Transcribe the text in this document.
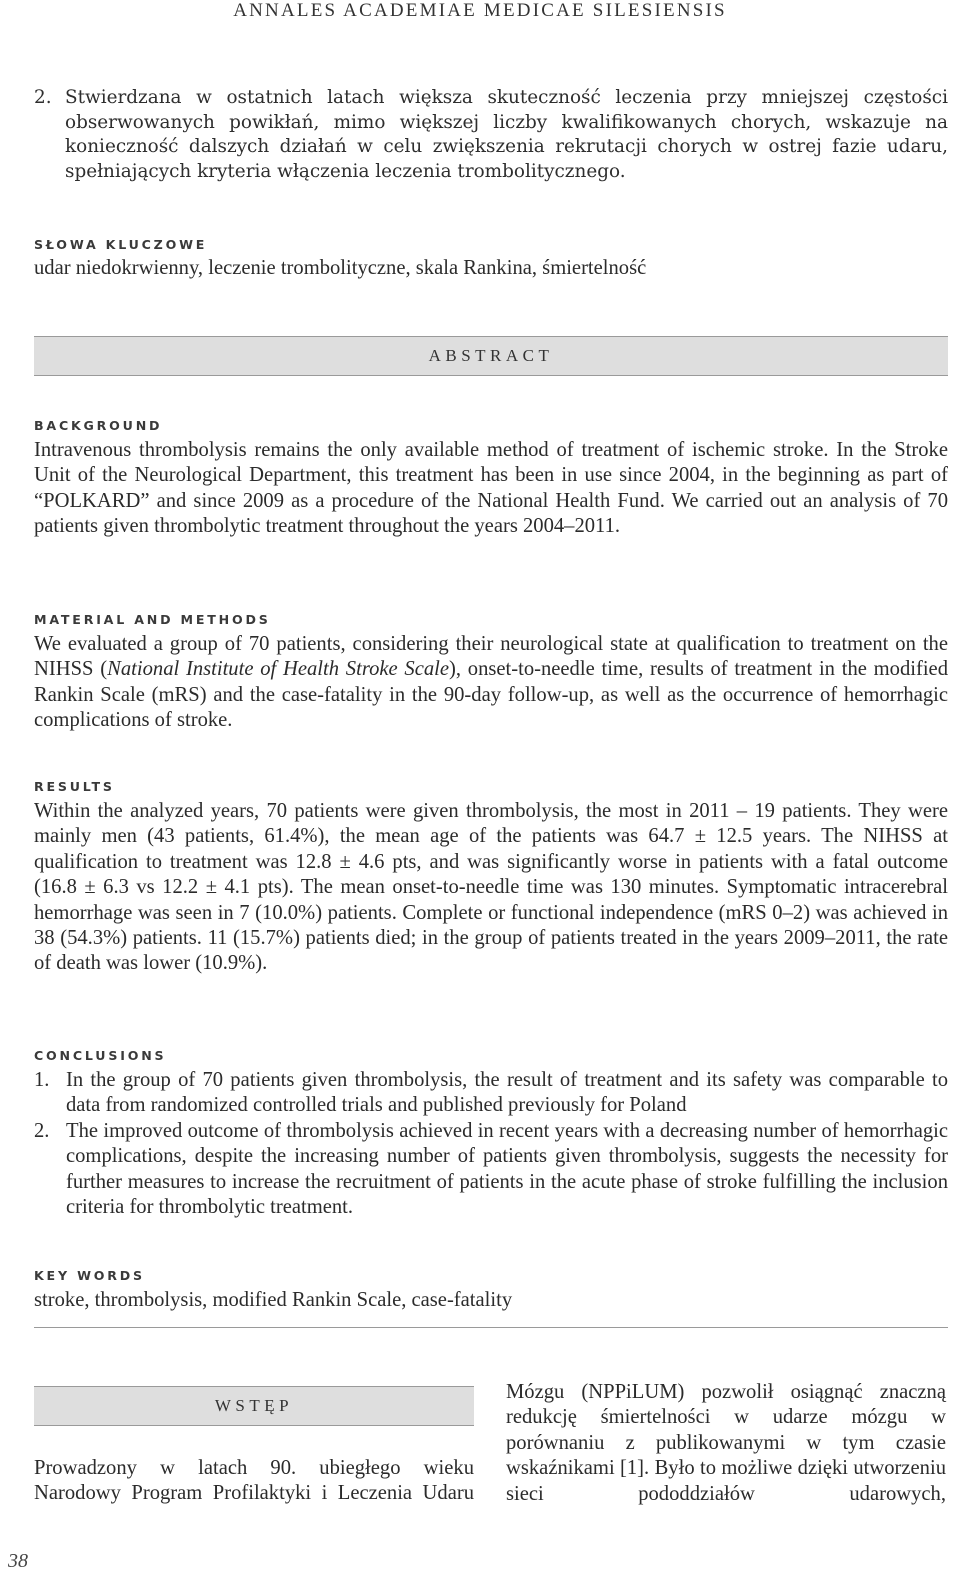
ANNALES ACADEMIAE MEDICAE SILESIENSIS
2. Stwierdzana w ostatnich latach większa skuteczność leczenia przy mniejszej częstości obserwowanych powikłań, mimo większej liczby kwalifikowanych chorych, wskazuje na konieczność dalszych działań w celu zwiększenia rekrutacji chorych w ostrej fazie udaru, spełniających kryteria włączenia leczenia trombolitycznego.
SŁOWA KLUCZOWE
udar niedokrwienny, leczenie trombolityczne, skala Rankina, śmiertelność
ABSTRACT
BACKGROUND
Intravenous thrombolysis remains the only available method of treatment of ischemic stroke. In the Stroke Unit of the Neurological Department, this treatment has been in use since 2004, in the beginning as part of “POLKARD” and since 2009 as a procedure of the National Health Fund. We carried out an analysis of 70 patients given thrombolytic treatment throughout the years 2004–2011.
MATERIAL AND METHODS
We evaluated a group of 70 patients, considering their neurological state at qualification to treatment on the NIHSS (National Institute of Health Stroke Scale), onset-to-needle time, results of treatment in the modified Rankin Scale (mRS) and the case-fatality in the 90-day follow-up, as well as the occurrence of hemorrhagic complications of stroke.
RESULTS
Within the analyzed years, 70 patients were given thrombolysis, the most in 2011 – 19 patients. They were mainly men (43 patients, 61.4%), the mean age of the patients was 64.7 ± 12.5 years. The NIHSS at qualification to treatment was 12.8 ± 4.6 pts, and was significantly worse in patients with a fatal outcome (16.8 ± 6.3 vs 12.2 ± 4.1 pts). The mean onset-to-needle time was 130 minutes. Symptomatic intracerebral hemorrhage was seen in 7 (10.0%) patients. Complete or functional independence (mRS 0–2) was achieved in 38 (54.3%) patients. 11 (15.7%) patients died; in the group of patients treated in the years 2009–2011, the rate of death was lower (10.9%).
CONCLUSIONS
1. In the group of 70 patients given thrombolysis, the result of treatment and its safety was comparable to data from randomized controlled trials and published previously for Poland
2. The improved outcome of thrombolysis achieved in recent years with a decreasing number of hemorrhagic complications, despite the increasing number of patients given thrombolysis, suggests the necessity for further measures to increase the recruitment of patients in the acute phase of stroke fulfilling the inclusion criteria for thrombolytic treatment.
KEY WORDS
stroke, thrombolysis, modified Rankin Scale, case-fatality
WSTĘP
Prowadzony w latach 90. ubiegłego wieku Narodowy Program Profilaktyki i Leczenia Udaru
Mózgu (NPPiLUM) pozwolił osiągnąć znaczną redukcję śmiertelności w udarze mózgu w porównaniu z publikowanymi w tym czasie wskaźnikami [1]. Było to możliwe dzięki utworzeniu sieci pododdziałów udarowych,
38
